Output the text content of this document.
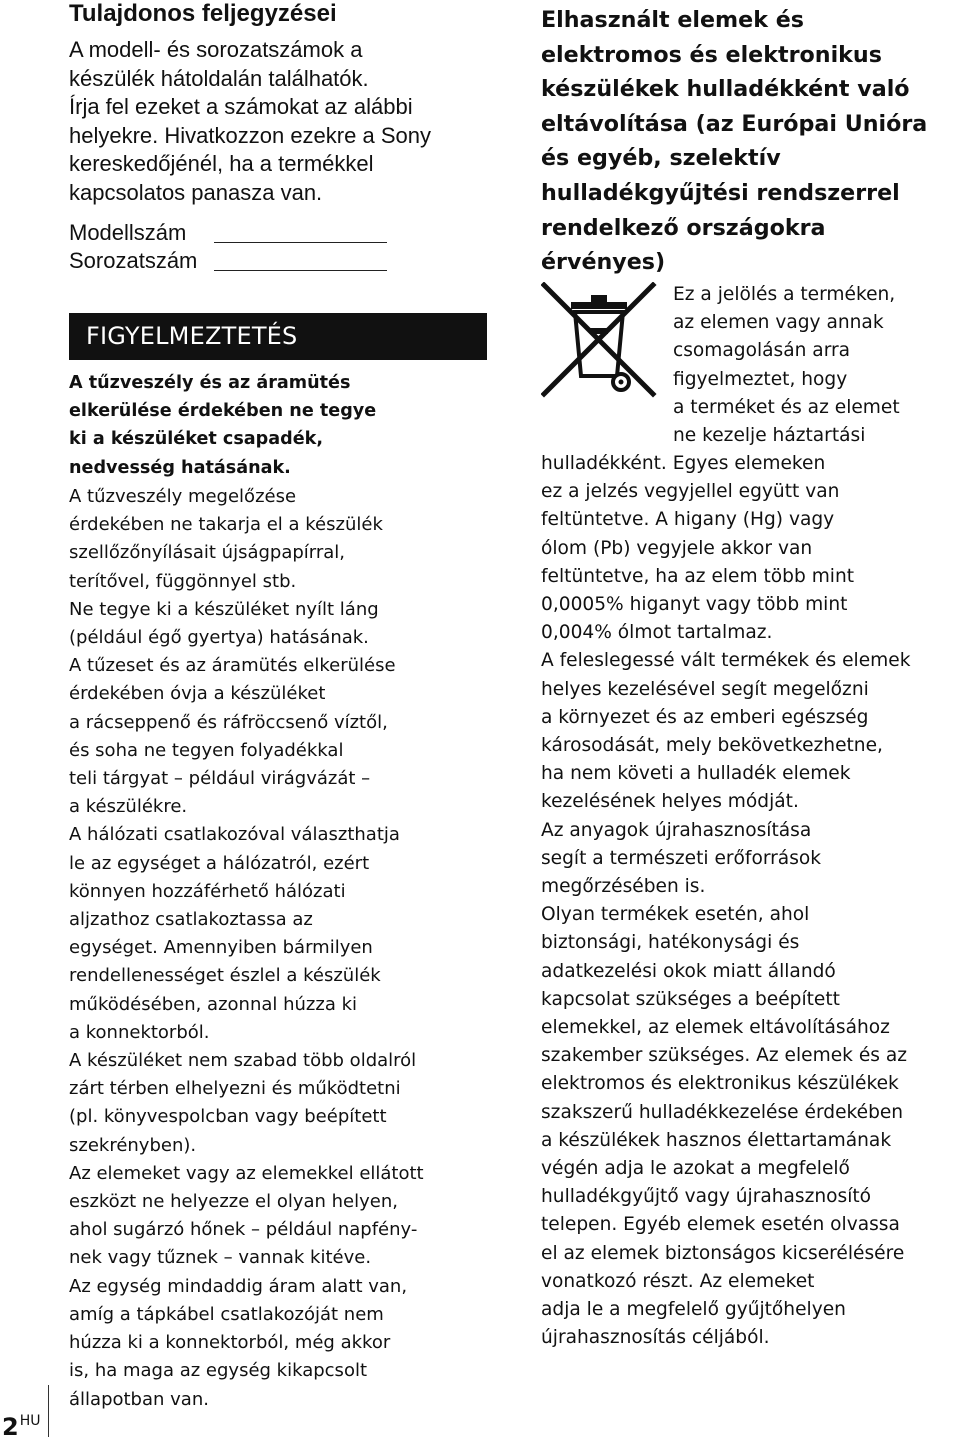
Tulajdonos feljegyzései

A modell- és sorozatszámok a
készülék hátoldalán találhatók.
Írja fel ezeket a számokat az alábbi
helyekre. Hivatkozzon ezekre a Sony
kereskedőjénél, ha a termékkel
kapcsolatos panasza van.

Modellszám
Sorozatszám
FIGYELMEZTETÉS

A tűzveszély és az áramütés
elkerülése érdekében ne tegye
ki a készüléket csapadék,
nedvesség hatásának.

A tűzveszély megelőzése
érdekében ne takarja el a készülék
szellőzőnyílásait újságpapírral,
terítővel, függönnyel stb.
Ne tegye ki a készüléket nyílt láng
(például égő gyertya) hatásának.
A tűzeset és az áramütés elkerülése
érdekében óvja a készüléket
a rácseppenő és ráfröccsenő víztől,
és soha ne tegyen folyadékkal
teli tárgyat – például virágvázát –
a készülékre.
A hálózati csatlakozóval választhatja
le az egységet a hálózatról, ezért
könnyen hozzáférhető hálózati
aljzathoz csatlakoztassa az
egységet. Amennyiben bármilyen
rendellenességet észlel a készülék
működésében, azonnal húzza ki
a konnektorból.
A készüléket nem szabad több oldalról
zárt térben elhelyezni és működtetni
(pl. könyvespolcban vagy beépített
szekrényben).
Az elemeket vagy az elemekkel ellátott
eszközt ne helyezze el olyan helyen,
ahol sugárzó hőnek – például napfény-
nek vagy tűznek – vannak kitéve.
Az egység mindaddig áram alatt van,
amíg a tápkábel csatlakozóját nem
húzza ki a konnektorból, még akkor
is, ha maga az egység kikapcsolt
állapotban van.

Elhasznált elemek és
elektromos és elektronikus
készülékek hulladékként való
eltávolítása (az Európai Unióra
és egyéb, szelektív
hulladékgyűjtési rendszerrel
rendelkező országokra
érvényes)

Ez a jelölés a terméken,
az elemen vagy annak
csomagolásán arra
figyelmeztet, hogy
a terméket és az elemet
ne kezelje háztartási

hulladékként. Egyes elemeken
ez a jelzés vegyjellel együtt van
feltüntetve. A higany (Hg) vagy
ólom (Pb) vegyjele akkor van
feltüntetve, ha az elem több mint
0,0005% higanyt vagy több mint
0,004% ólmot tartalmaz.
A feleslegessé vált termékek és elemek
helyes kezelésével segít megelőzni
a környezet és az emberi egészség
károsodását, mely bekövetkezhetne,
ha nem követi a hulladék elemek
kezelésének helyes módját.
Az anyagok újrahasznosítása
segít a természeti erőforrások
megőrzésében is.
Olyan termékek esetén, ahol
biztonsági, hatékonysági és
adatkezelési okok miatt állandó
kapcsolat szükséges a beépített
elemekkel, az elemek eltávolításához
szakember szükséges. Az elemek és az
elektromos és elektronikus készülékek
szakszerű hulladékkezelése érdekében
a készülékek hasznos élettartamának
végén adja le azokat a megfelelő
hulladékgyűjtő vagy újrahasznosító
telepen. Egyéb elemek esetén olvassa
el az elemek biztonságos kicserélésére
vonatkozó részt. Az elemeket
adja le a megfelelő gyűjtőhelyen
újrahasznosítás céljából.

$2^{HU}$
